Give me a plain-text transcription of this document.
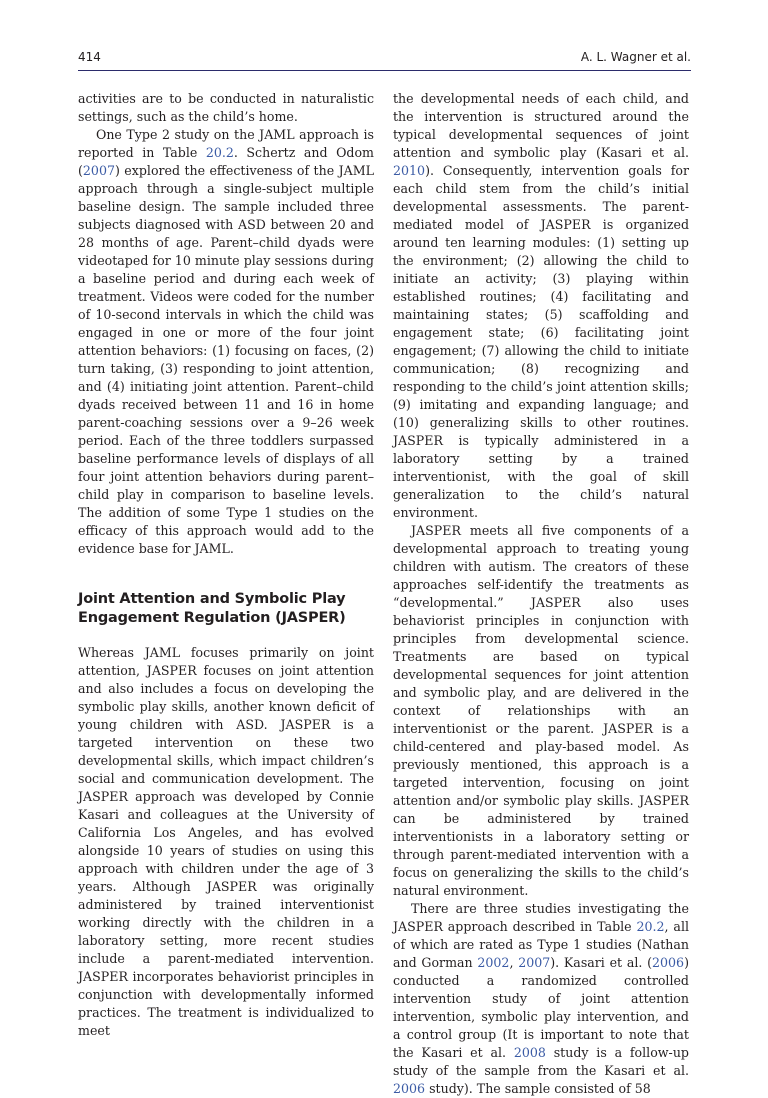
414	A. L. Wagner et al.

activities are to be conducted in naturalistic settings, such as the child’s home.

One Type 2 study on the JAML approach is reported in Table 20.2. Schertz and Odom (2007) explored the effectiveness of the JAML approach through a single-subject multiple baseline design. The sample included three subjects diagnosed with ASD between 20 and 28 months of age. Parent–child dyads were videotaped for 10 minute play sessions during a baseline period and during each week of treatment. Videos were coded for the number of 10-second intervals in which the child was engaged in one or more of the four joint attention behaviors: (1) focusing on faces, (2) turn taking, (3) responding to joint attention, and (4) initiating joint attention. Parent–child dyads received between 11 and 16 in home parent-coaching sessions over a 9–26 week period. Each of the three toddlers surpassed baseline performance levels of displays of all four joint attention behaviors during parent–child play in comparison to baseline levels. The addition of some Type 1 studies on the efficacy of this approach would add to the evidence base for JAML.

Joint Attention and Symbolic Play Engagement Regulation (JASPER)

Whereas JAML focuses primarily on joint attention, JASPER focuses on joint attention and also includes a focus on developing the symbolic play skills, another known deficit of young children with ASD. JASPER is a targeted intervention on these two developmental skills, which impact children’s social and communication development. The JASPER approach was developed by Connie Kasari and colleagues at the University of California Los Angeles, and has evolved alongside 10 years of studies on using this approach with children under the age of 3 years. Although JASPER was originally administered by trained interventionist working directly with the children in a laboratory setting, more recent studies include a parent-mediated intervention. JASPER incorporates behaviorist principles in conjunction with developmentally informed practices. The treatment is individualized to meet

the developmental needs of each child, and the intervention is structured around the typical developmental sequences of joint attention and symbolic play (Kasari et al. 2010). Consequently, intervention goals for each child stem from the child’s initial developmental assessments. The parent-mediated model of JASPER is organized around ten learning modules: (1) setting up the environment; (2) allowing the child to initiate an activity; (3) playing within established routines; (4) facilitating and maintaining states; (5) scaffolding and engagement state; (6) facilitating joint engagement; (7) allowing the child to initiate communication; (8) recognizing and responding to the child’s joint attention skills; (9) imitating and expanding language; and (10) generalizing skills to other routines. JASPER is typically administered in a laboratory setting by a trained interventionist, with the goal of skill generalization to the child’s natural environment.

JASPER meets all five components of a developmental approach to treating young children with autism. The creators of these approaches self-identify the treatments as “developmental.” JASPER also uses behaviorist principles in conjunction with principles from developmental science. Treatments are based on typical developmental sequences for joint attention and symbolic play, and are delivered in the context of relationships with an interventionist or the parent. JASPER is a child-centered and play-based model. As previously mentioned, this approach is a targeted intervention, focusing on joint attention and/or symbolic play skills. JASPER can be administered by trained interventionists in a laboratory setting or through parent-mediated intervention with a focus on generalizing the skills to the child’s natural environment.

There are three studies investigating the JASPER approach described in Table 20.2, all of which are rated as Type 1 studies (Nathan and Gorman 2002, 2007). Kasari et al. (2006) conducted a randomized controlled intervention study of joint attention intervention, symbolic play intervention, and a control group (It is important to note that the Kasari et al. 2008 study is a follow-up study of the sample from the Kasari et al. 2006 study). The sample consisted of 58
